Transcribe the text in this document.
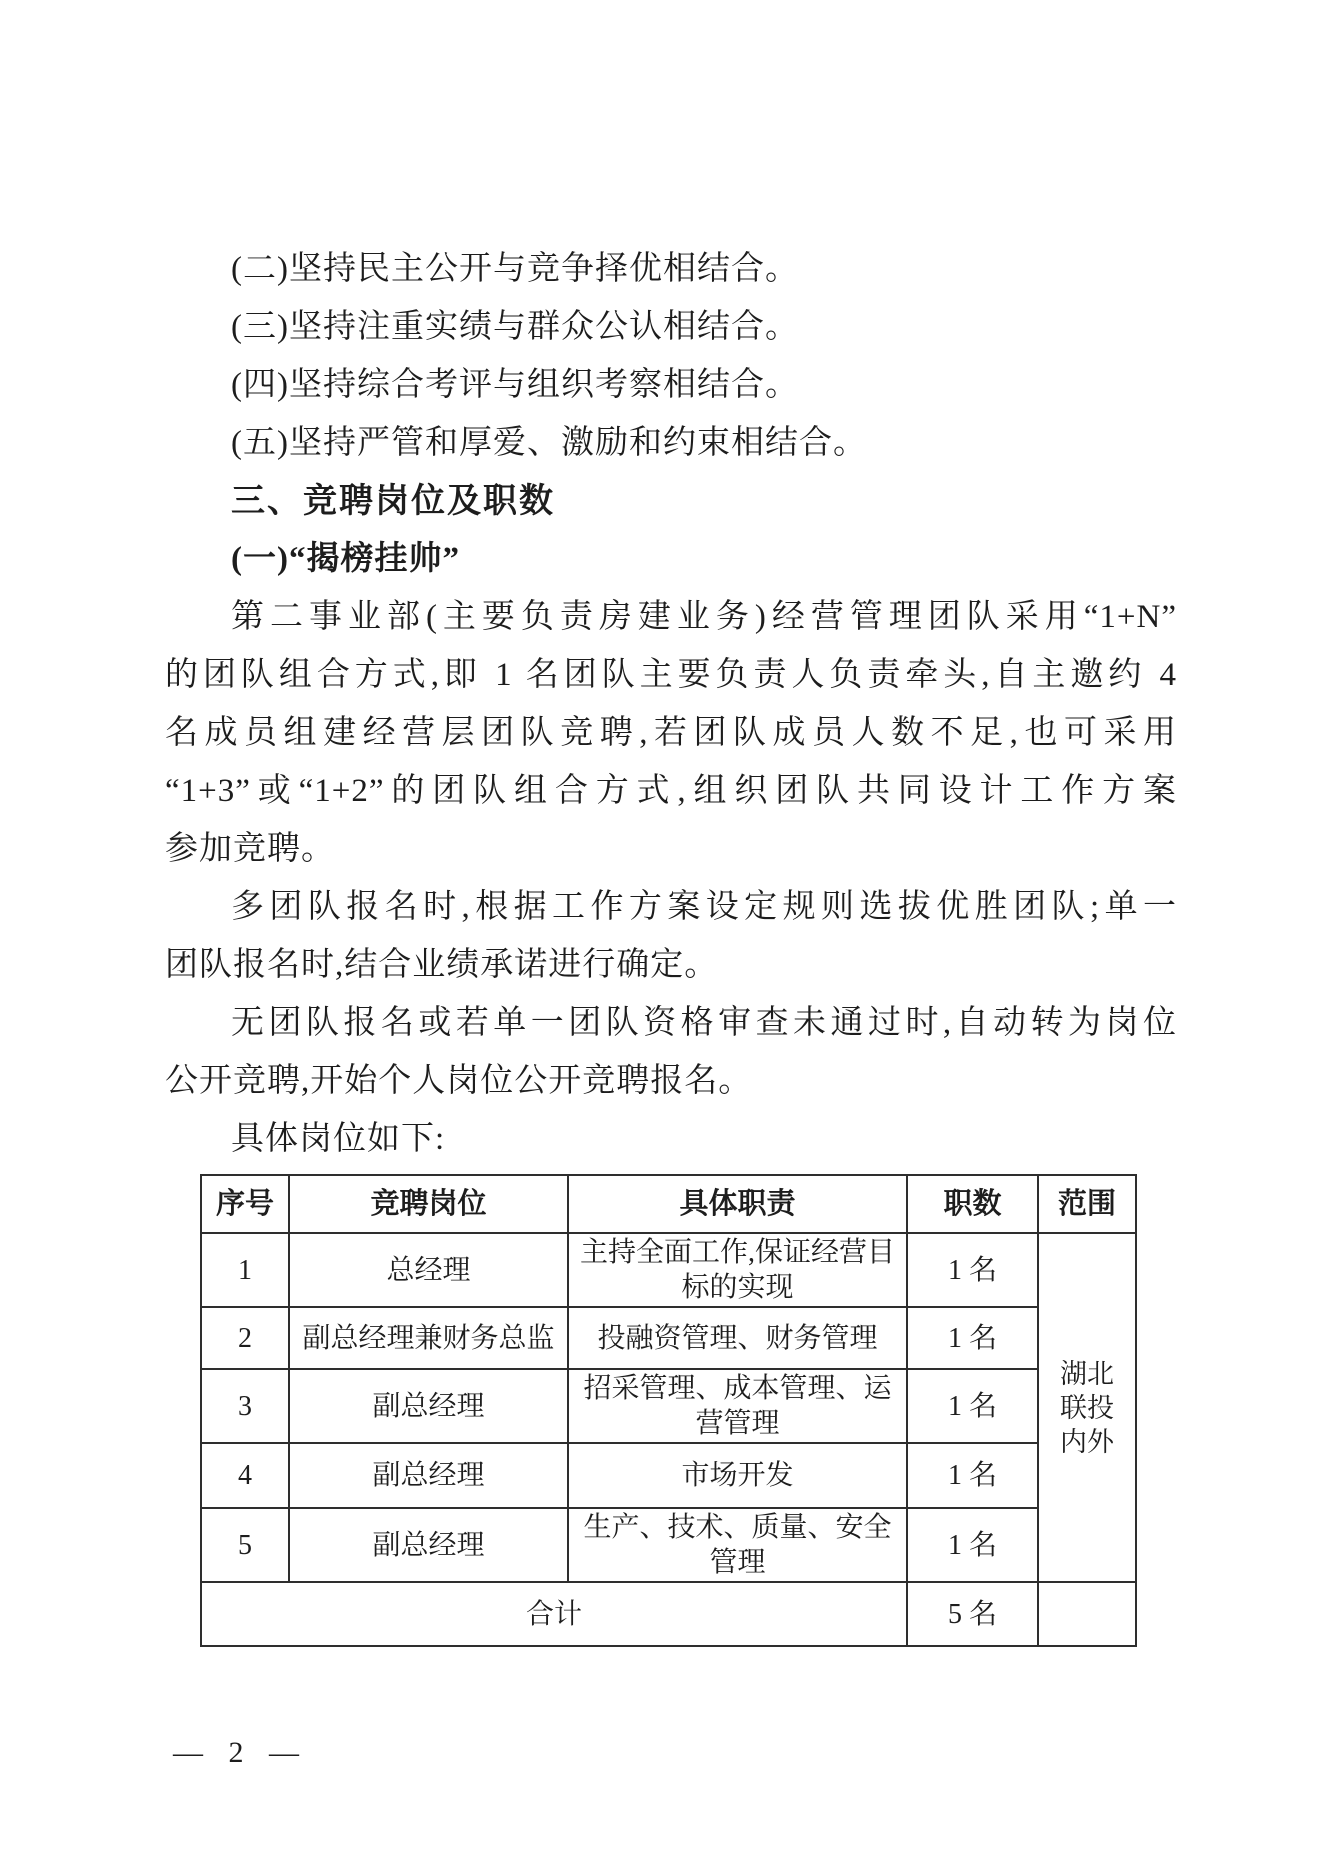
(二)坚持民主公开与竞争择优相结合。
(三)坚持注重实绩与群众公认相结合。
(四)坚持综合考评与组织考察相结合。
(五)坚持严管和厚爱、激励和约束相结合。
三、竞聘岗位及职数
(一)“揭榜挂帅”
第二事业部(主要负责房建业务)经营管理团队采用“1+N”
的团队组合方式,即 1 名团队主要负责人负责牵头,自主邀约 4
名成员组建经营层团队竞聘,若团队成员人数不足,也可采用
“1+3”或“1+2”的团队组合方式,组织团队共同设计工作方案
参加竞聘。
多团队报名时,根据工作方案设定规则选拔优胜团队;单一
团队报名时,结合业绩承诺进行确定。
无团队报名或若单一团队资格审查未通过时,自动转为岗位
公开竞聘,开始个人岗位公开竞聘报名。
具体岗位如下:
序号	竞聘岗位	具体职责	职数	范围
1	总经理	主持全面工作,保证经营目标的实现	1 名	湖北联投内外
2	副总经理兼财务总监	投融资管理、财务管理	1 名	
3	副总经理	招采管理、成本管理、运营管理	1 名	
4	副总经理	市场开发	1 名	
5	副总经理	生产、技术、质量、安全管理	1 名	
合计			5 名	
— 2 —
